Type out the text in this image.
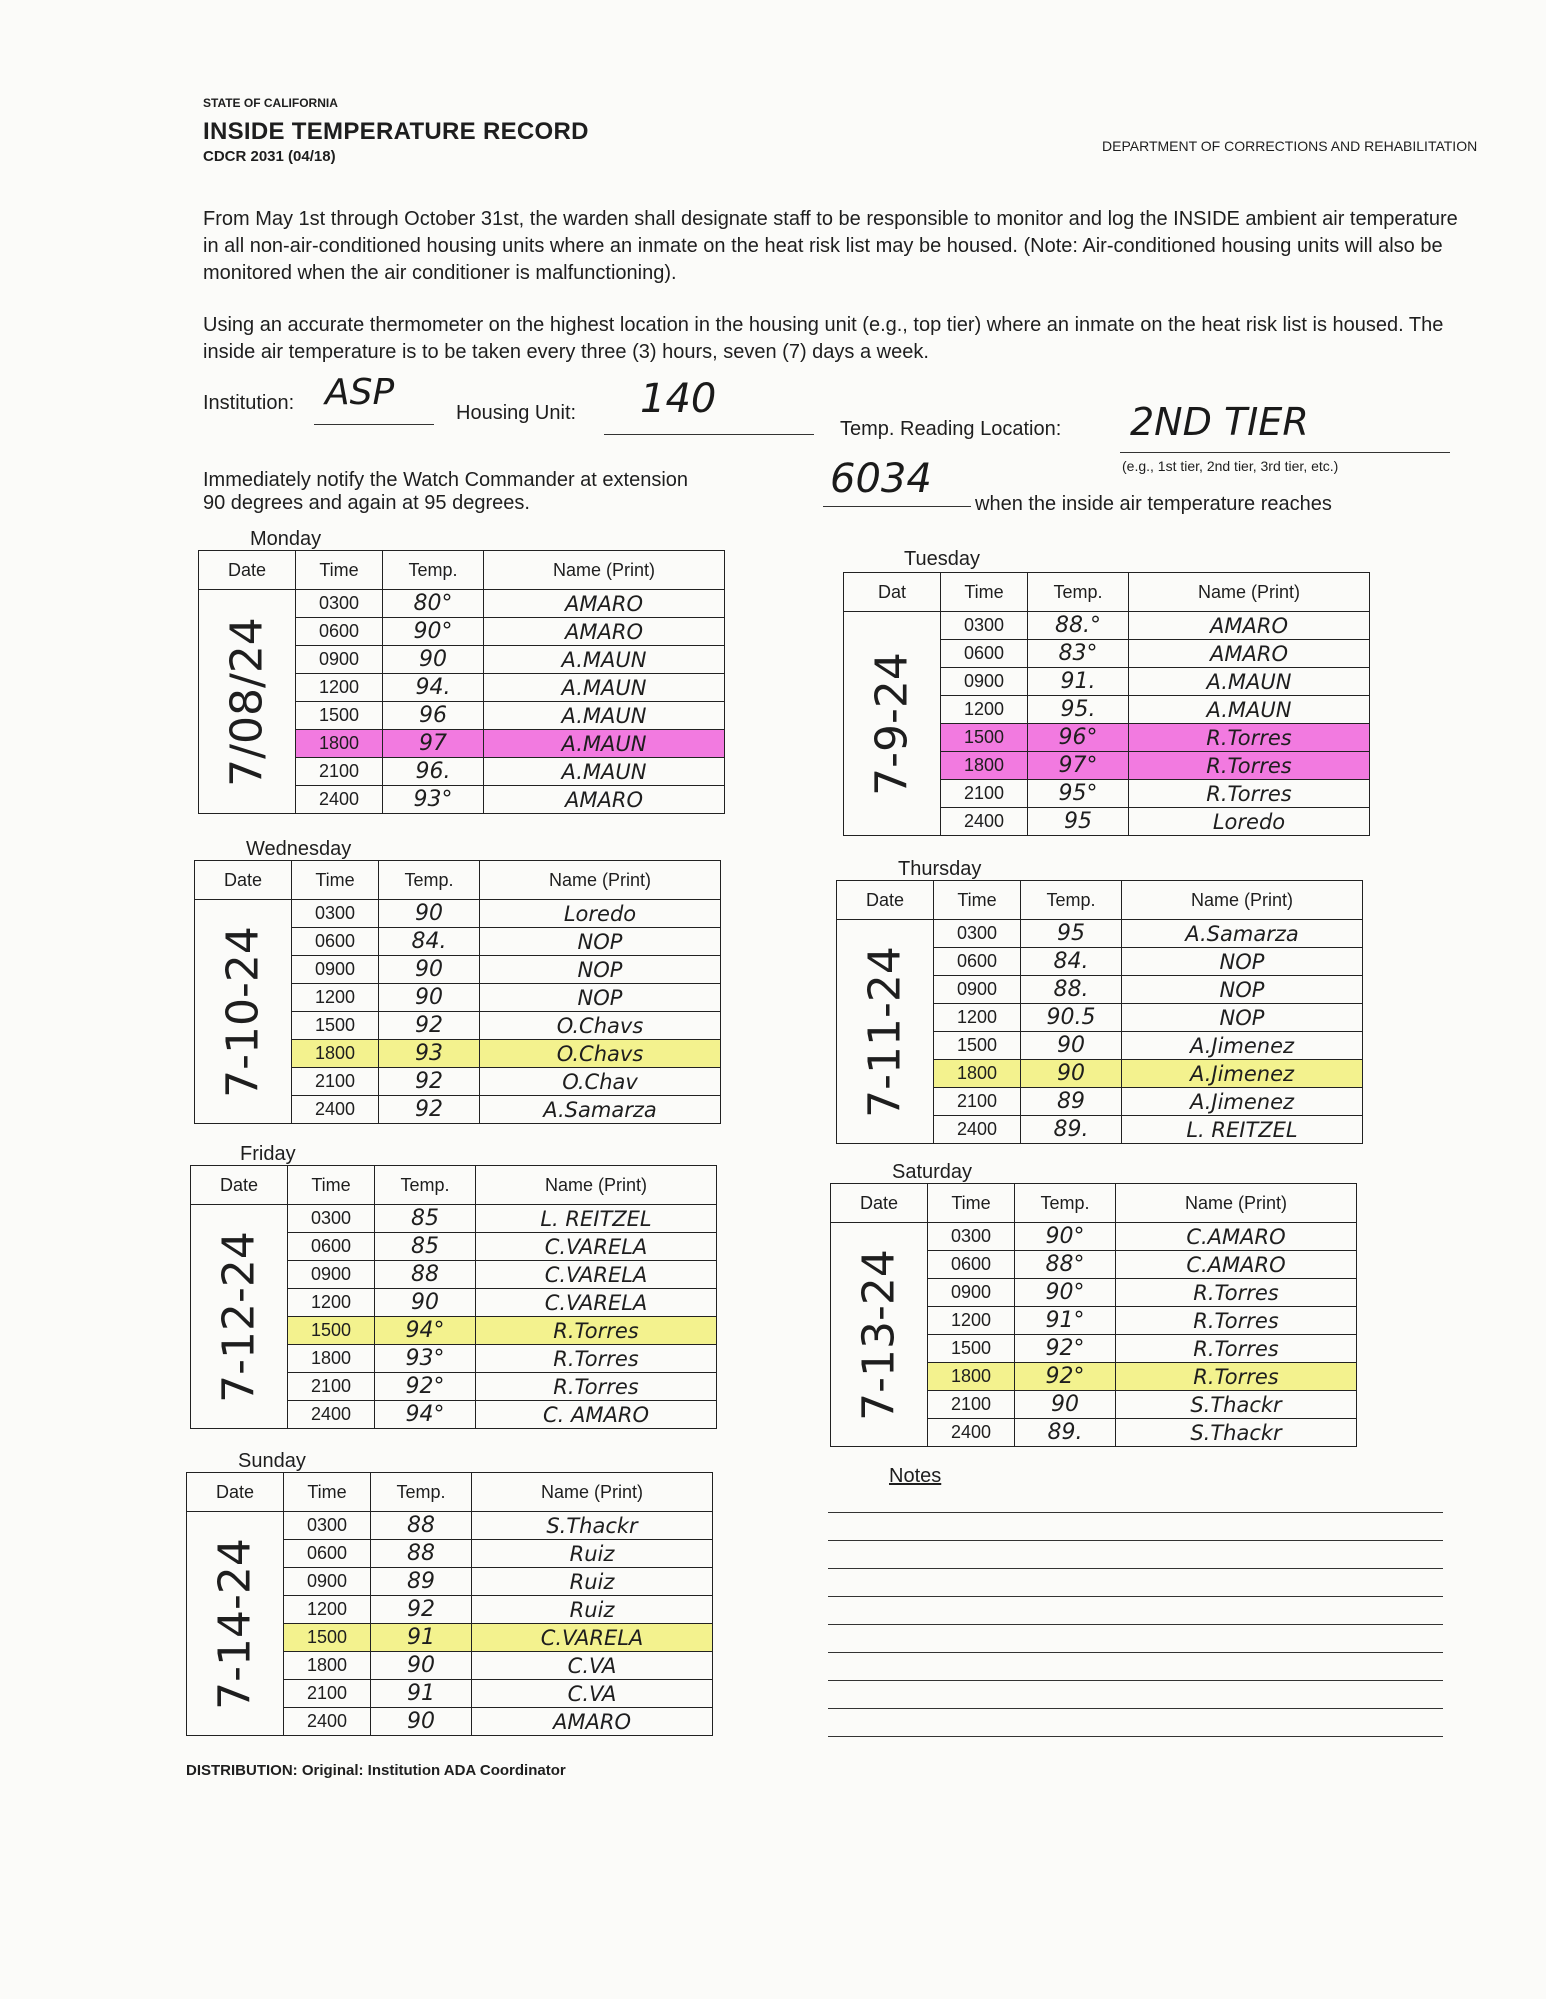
STATE OF CALIFORNIA
INSIDE TEMPERATURE RECORD
CDCR 2031 (04/18)
DEPARTMENT OF CORRECTIONS AND REHABILITATION
From May 1st through October 31st, the warden shall designate staff to be responsible to monitor and log the INSIDE ambient air temperature in all non-air-conditioned housing units where an inmate on the heat risk list may be housed. (Note: Air-conditioned housing units will also be monitored when the air conditioner is malfunctioning).
Using an accurate thermometer on the highest location in the housing unit (e.g., top tier) where an inmate on the heat risk list is housed. The inside air temperature is to be taken every three (3) hours, seven (7) days a week.
Institution: ASP	Housing Unit: 140
Temp. Reading Location: 2ND TIER
(e.g., 1st tier, 2nd tier, 3rd tier, etc.)
Immediately notify the Watch Commander at extension	6034
when the inside air temperature reaches
90 degrees and again at 95 degrees.
Monday
Date	Time	Temp.	Name (Print)

7/08/24	0300	80°	AMARO
	0600	90°	AMARO
	0900	90	A.MAUN
	1200	94.	A.MAUN
	1500	96	A.MAUN
	1800	97	A.MAUN
	2100	96.	A.MAUN
	2400	93°	AMARO
Tuesday
Dat	Time	Temp.	Name (Print)

7-9-24	0300	88.°	AMARO
	0600	83°	AMARO
	0900	91.	A.MAUN
	1200	95.	A.MAUN
	1500	96°	R.Torres
	1800	97°	R.Torres
	2100	95°	R.Torres
	2400	95	Loredo
Wednesday
Date	Time	Temp.	Name (Print)

7-10-24	0300	90	Loredo
	0600	84.	NOP
	0900	90	NOP
	1200	90	NOP
	1500	92	O.Chavs
	1800	93	O.Chavs
	2100	92	O.Chav
	2400	92	A.Samarza
Thursday
Date	Time	Temp.	Name (Print)

7-11-24	0300	95	A.Samarza
	0600	84.	NOP
	0900	88.	NOP
	1200	90.5	NOP
	1500	90	A.Jimenez
	1800	90	A.Jimenez
	2100	89	A.Jimenez
	2400	89.	L. REITZEL
Friday
Date	Time	Temp.	Name (Print)

7-12-24	0300	85	L. REITZEL
	0600	85	C.VARELA
	0900	88	C.VARELA
	1200	90	C.VARELA
	1500	94°	R.Torres
	1800	93°	R.Torres
	2100	92°	R.Torres
	2400	94°	C. AMARO
Saturday
Date	Time	Temp.	Name (Print)

7-13-24	0300	90°	C.AMARO
	0600	88°	C.AMARO
	0900	90°	R.Torres
	1200	91°	R.Torres
	1500	92°	R.Torres
	1800	92°	R.Torres
	2100	90	S.Thackr
	2400	89.	S.Thackr
Sunday
Date	Time	Temp.	Name (Print)

7-14-24	0300	88	S.Thackr
	0600	88	Ruiz
	0900	89	Ruiz
	1200	92	Ruiz
	1500	91	C.VARELA
	1800	90	C.VA
	2100	91	C.VA
	2400	90	AMARO
Notes
DISTRIBUTION: Original: Institution ADA Coordinator
